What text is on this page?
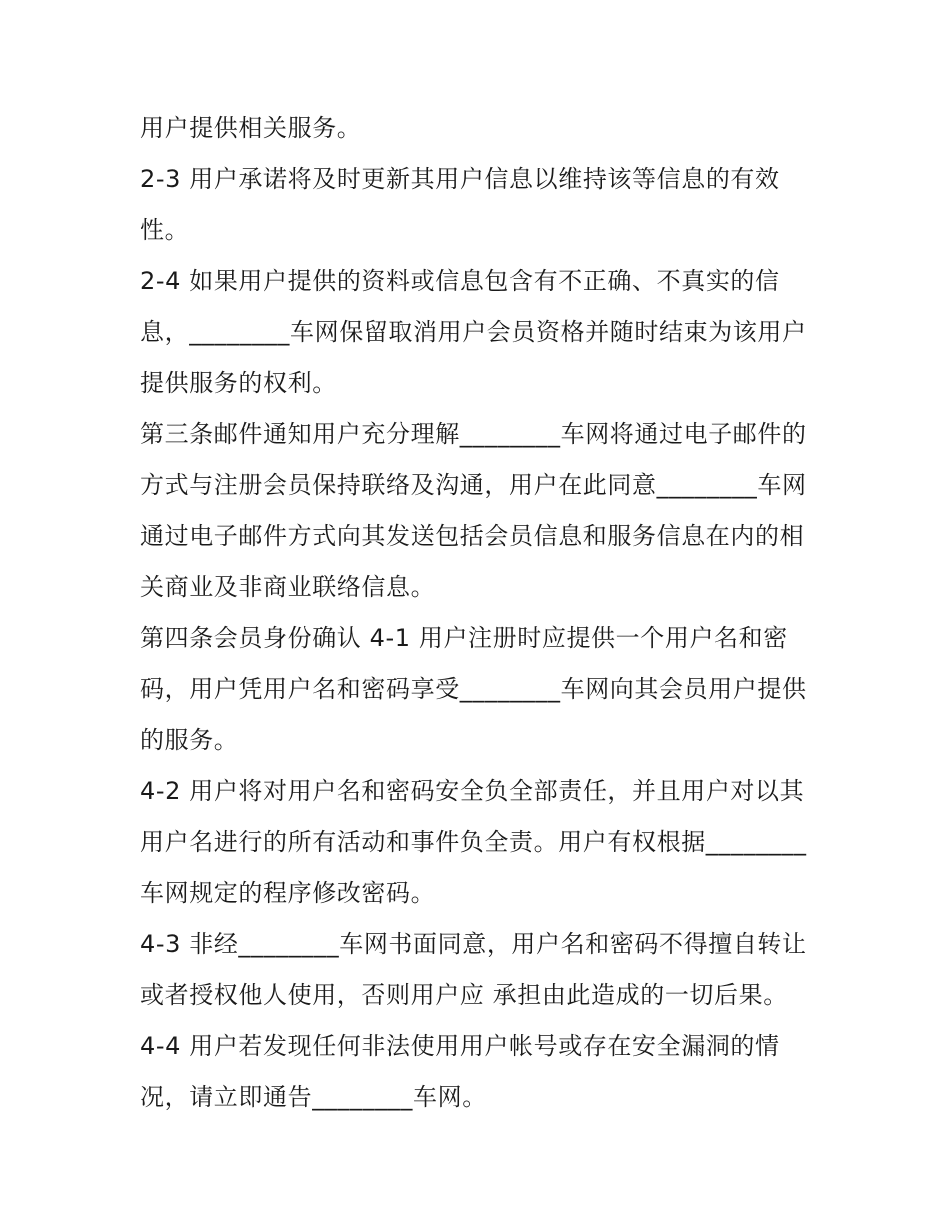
用户提供相关服务。
2-3 用户承诺将及时更新其用户信息以维持该等信息的有效
性。
2-4 如果用户提供的资料或信息包含有不正确、不真实的信
息，________车网保留取消用户会员资格并随时结束为该用户
提供服务的权利。
第三条邮件通知用户充分理解________车网将通过电子邮件的
方式与注册会员保持联络及沟通，用户在此同意________车网
通过电子邮件方式向其发送包括会员信息和服务信息在内的相
关商业及非商业联络信息。
第四条会员身份确认 4-1 用户注册时应提供一个用户名和密
码，用户凭用户名和密码享受________车网向其会员用户提供
的服务。
4-2 用户将对用户名和密码安全负全部责任，并且用户对以其
用户名进行的所有活动和事件负全责。用户有权根据________
车网规定的程序修改密码。
4-3 非经________车网书面同意，用户名和密码不得擅自转让
或者授权他人使用，否则用户应 承担由此造成的一切后果。
4-4 用户若发现任何非法使用用户帐号或存在安全漏洞的情
况，请立即通告________车网。
